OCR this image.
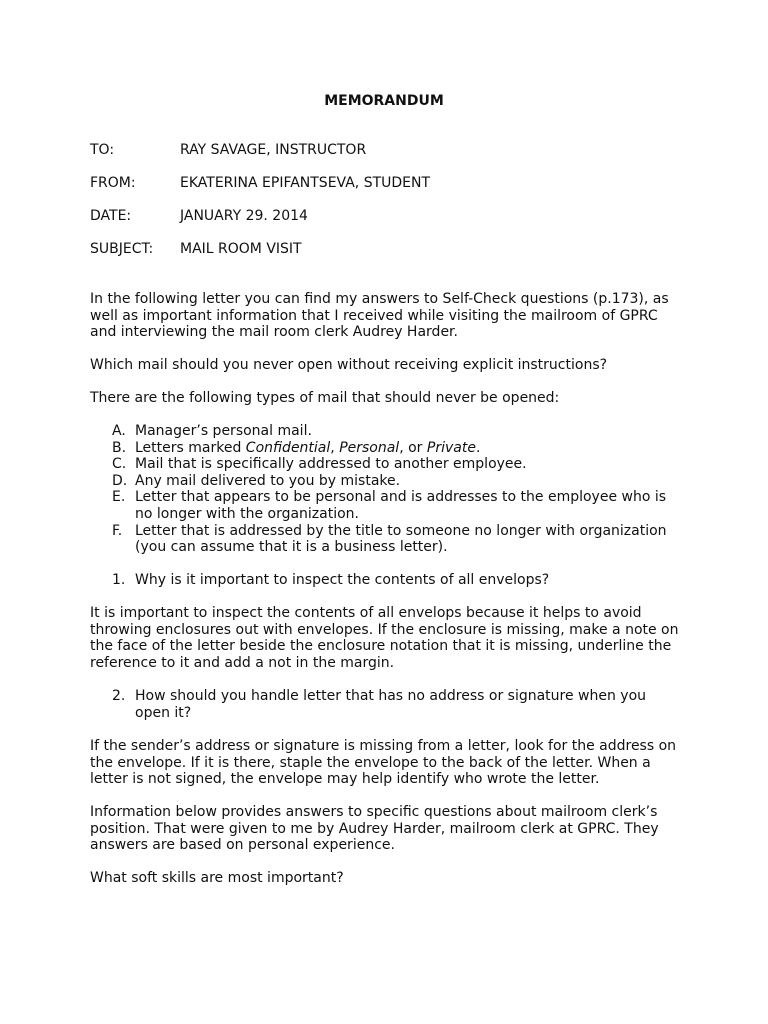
MEMORANDUM
TO:	RAY SAVAGE, INSTRUCTOR
FROM:	EKATERINA EPIFANTSEVA, STUDENT
DATE:	JANUARY 29. 2014
SUBJECT: MAIL ROOM VISIT

In the following letter you can find my answers to Self-Check questions (p.173), as well as important information that I received while visiting the mailroom of GPRC and interviewing the mail room clerk Audrey Harder.

Which mail should you never open without receiving explicit instructions?

There are the following types of mail that should never be opened:

A. Manager’s personal mail.
B. Letters marked Confidential, Personal, or Private.
C. Mail that is specifically addressed to another employee.
D. Any mail delivered to you by mistake.
E. Letter that appears to be personal and is addresses to the employee who is no longer with the organization.
F. Letter that is addressed by the title to someone no longer with organization (you can assume that it is a business letter).
1. Why is it important to inspect the contents of all envelops?

It is important to inspect the contents of all envelops because it helps to avoid throwing enclosures out with envelopes. If the enclosure is missing, make a note on the face of the letter beside the enclosure notation that it is missing, underline the reference to it and add a not in the margin.

2. How should you handle letter that has no address or signature when you open it?

If the sender’s address or signature is missing from a letter, look for the address on the envelope. If it is there, staple the envelope to the back of the letter. When a letter is not signed, the envelope may help identify who wrote the letter.

Information below provides answers to specific questions about mailroom clerk’s position. That were given to me by Audrey Harder, mailroom clerk at GPRC. They answers are based on personal experience.

What soft skills are most important?
